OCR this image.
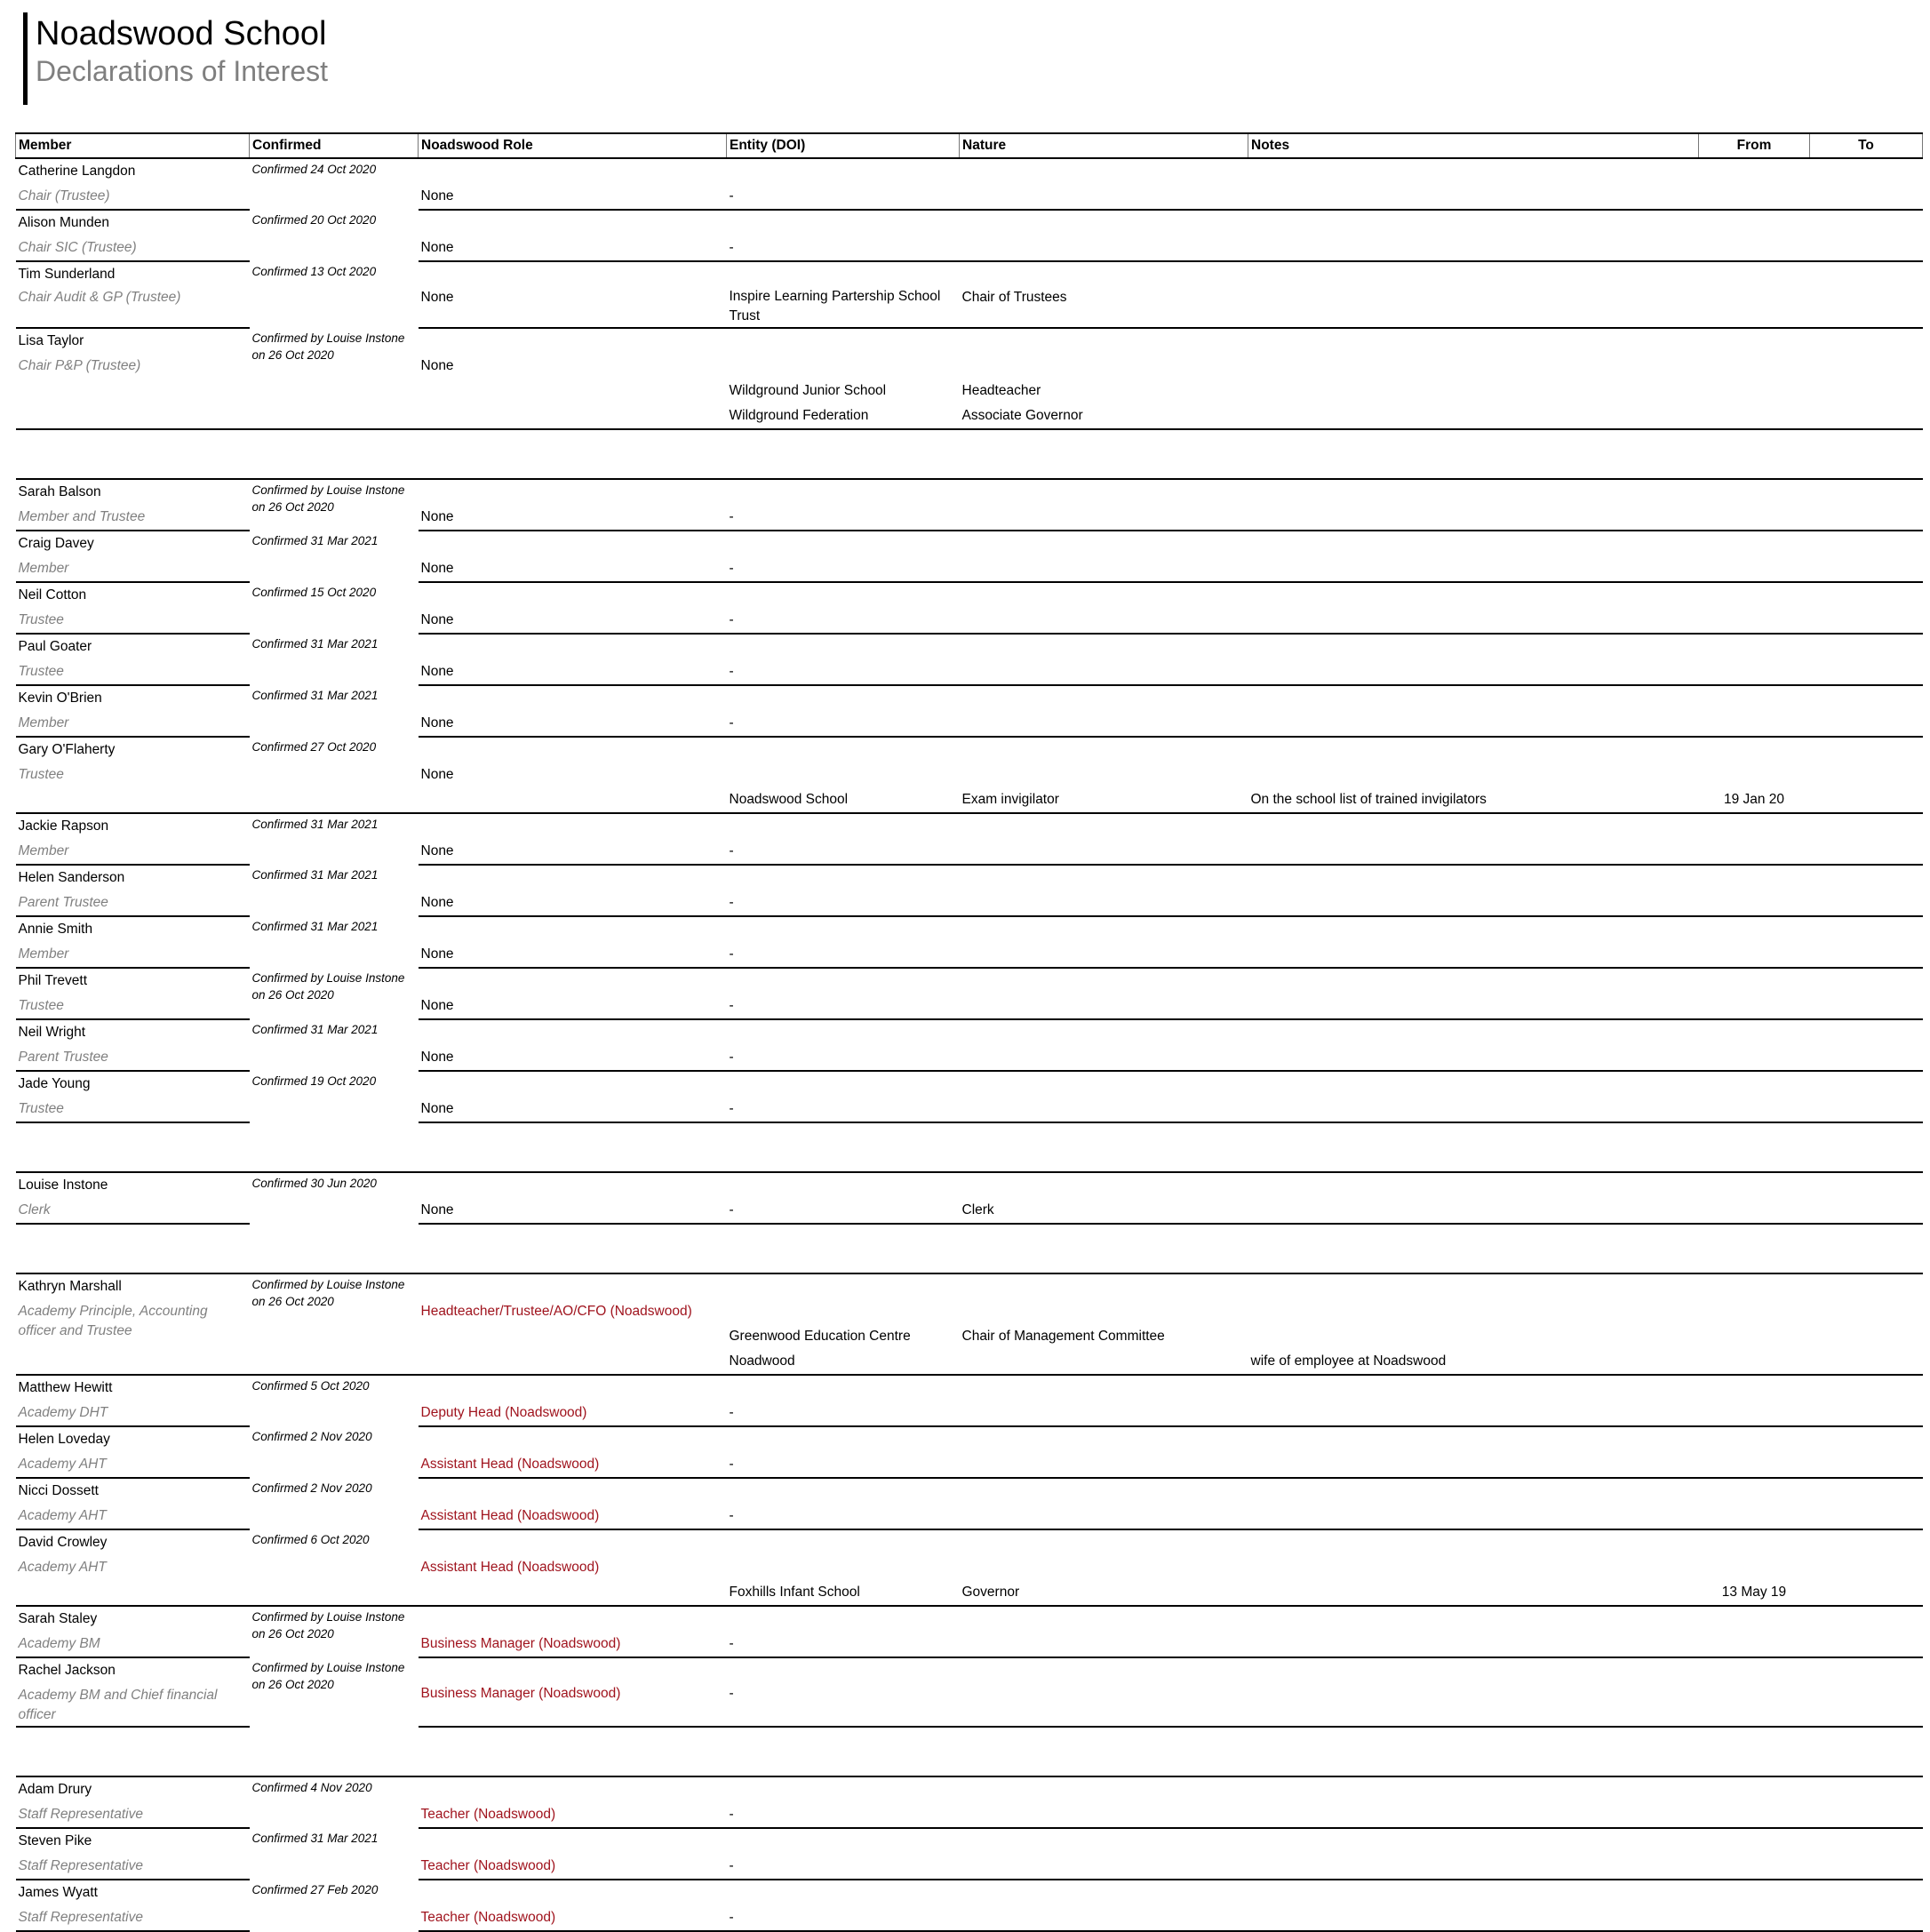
Noadswood School
Declarations of Interest
Member	Confirmed	Noadswood Role	Entity (DOI)	Nature	Notes	From	To
Catherine Langdon	Confirmed 24 Oct 2020						
Chair (Trustee)		None	-				
Alison Munden	Confirmed 20 Oct 2020						
Chair SIC (Trustee)		None	-				
Tim Sunderland	Confirmed 13 Oct 2020						
Chair Audit & GP (Trustee)		None	Inspire Learning Partership School Trust	Chair of Trustees			
Lisa Taylor	Confirmed by Louise Instone on 26 Oct 2020						
Chair P&P (Trustee)		None					
			Wildground Junior School	Headteacher			
			Wildground Federation	Associate Governor			

Sarah Balson	Confirmed by Louise Instone on 26 Oct 2020						
Member and Trustee		None	-				
Craig Davey	Confirmed 31 Mar 2021						
Member		None	-				
Neil Cotton	Confirmed 15 Oct 2020						
Trustee		None	-				
Paul Goater	Confirmed 31 Mar 2021						
Trustee		None	-				
Kevin O'Brien	Confirmed 31 Mar 2021						
Member		None	-				
Gary O'Flaherty	Confirmed 27 Oct 2020						
Trustee		None					
			Noadswood School	Exam invigilator	On the school list of trained invigilators	19 Jan 20	
Jackie Rapson	Confirmed 31 Mar 2021						
Member		None	-				
Helen Sanderson	Confirmed 31 Mar 2021						
Parent Trustee		None	-				
Annie Smith	Confirmed 31 Mar 2021						
Member		None	-				
Phil Trevett	Confirmed by Louise Instone on 26 Oct 2020						
Trustee		None	-				
Neil Wright	Confirmed 31 Mar 2021						
Parent Trustee		None	-				
Jade Young	Confirmed 19 Oct 2020						
Trustee		None	-				

Louise Instone	Confirmed 30 Jun 2020						
Clerk		None	-	Clerk			

Kathryn Marshall	Confirmed by Louise Instone on 26 Oct 2020						
Academy Principle, Accounting officer and Trustee		Headteacher/Trustee/AO/CFO (Noadswood)					
			Greenwood Education Centre	Chair of Management Committee			
			Noadwood		wife of employee at Noadswood		
Matthew Hewitt	Confirmed 5 Oct 2020						
Academy DHT		Deputy Head (Noadswood)	-				
Helen Loveday	Confirmed 2 Nov 2020						
Academy AHT		Assistant Head (Noadswood)	-				
Nicci Dossett	Confirmed 2 Nov 2020						
Academy AHT		Assistant Head (Noadswood)	-				
David Crowley	Confirmed 6 Oct 2020						
Academy AHT		Assistant Head (Noadswood)					
			Foxhills Infant School	Governor		13 May 19	
Sarah Staley	Confirmed by Louise Instone on 26 Oct 2020						
Academy BM		Business Manager (Noadswood)	-				
Rachel Jackson	Confirmed by Louise Instone on 26 Oct 2020						
Academy BM and Chief financial officer		Business Manager (Noadswood)	-				

Adam Drury	Confirmed 4 Nov 2020						
Staff Representative		Teacher (Noadswood)	-				
Steven Pike	Confirmed 31 Mar 2021						
Staff Representative		Teacher (Noadswood)	-				
James Wyatt	Confirmed 27 Feb 2020						
Staff Representative		Teacher (Noadswood)	-				
